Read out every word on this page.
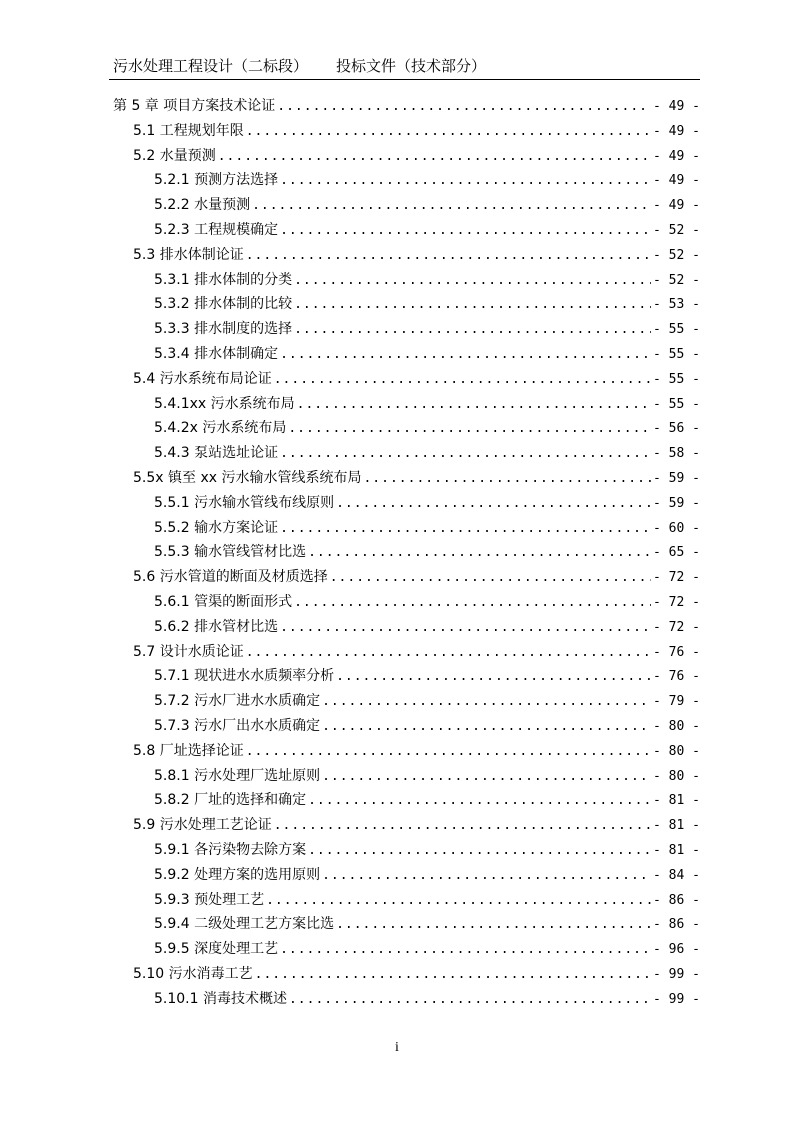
污水处理工程设计（二标段） 投标文件（技术部分）
第 5 章 项目方案技术论证 .....	- 49 -
5.1 工程规划年限 .....	- 49 -
5.2 水量预测 .....	- 49 -
5.2.1 预测方法选择 .....	- 49 -
5.2.2 水量预测 .....	- 49 -
5.2.3 工程规模确定 .....	- 52 -
5.3 排水体制论证 .....	- 52 -
5.3.1 排水体制的分类 .....	- 52 -
5.3.2 排水体制的比较 .....	- 53 -
5.3.3 排水制度的选择 .....	- 55 -
5.3.4 排水体制确定 .....	- 55 -
5.4 污水系统布局论证 .....	- 55 -
5.4.1xx 污水系统布局 .....	- 55 -
5.4.2x 污水系统布局 .....	- 56 -
5.4.3 泵站选址论证 .....	- 58 -
5.5x 镇至 xx 污水输水管线系统布局 .....	- 59 -
5.5.1 污水输水管线布线原则 .....	- 59 -
5.5.2 输水方案论证 .....	- 60 -
5.5.3 输水管线管材比选 .....	- 65 -
5.6 污水管道的断面及材质选择 .....	- 72 -
5.6.1 管渠的断面形式 .....	- 72 -
5.6.2 排水管材比选 .....	- 72 -
5.7 设计水质论证 .....	- 76 -
5.7.1 现状进水水质频率分析 .....	- 76 -
5.7.2 污水厂进水水质确定 .....	- 79 -
5.7.3 污水厂出水水质确定 .....	- 80 -
5.8 厂址选择论证 .....	- 80 -
5.8.1 污水处理厂选址原则 .....	- 80 -
5.8.2 厂址的选择和确定 .....	- 81 -
5.9 污水处理工艺论证 .....	- 81 -
5.9.1 各污染物去除方案 .....	- 81 -
5.9.2 处理方案的选用原则 .....	- 84 -
5.9.3 预处理工艺 .....	- 86 -
5.9.4 二级处理工艺方案比选 .....	- 86 -
5.9.5 深度处理工艺 .....	- 96 -
5.10 污水消毒工艺 .....	- 99 -
5.10.1 消毒技术概述 .....	- 99 -
i
